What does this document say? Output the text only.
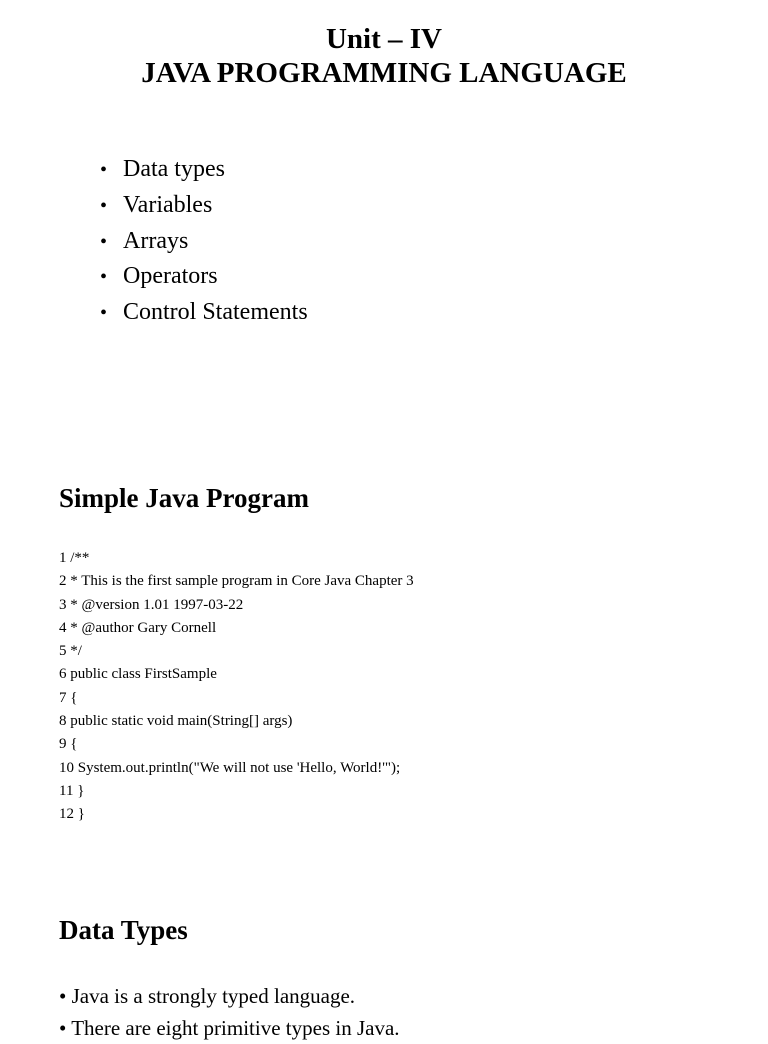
Unit – IV
JAVA PROGRAMMING LANGUAGE
• Data types
• Variables
• Arrays
• Operators
• Control Statements
Simple Java Program
1 /**
2 * This is the first sample program in Core Java Chapter 3
3 * @version 1.01 1997-03-22
4 * @author Gary Cornell
5 */
6 public class FirstSample
7 {
8 public static void main(String[] args)
9 {
10 System.out.println("We will not use 'Hello, World!'");
11 }
12 }
Data Types
• Java is a strongly typed language.
• There are eight primitive types in Java.
